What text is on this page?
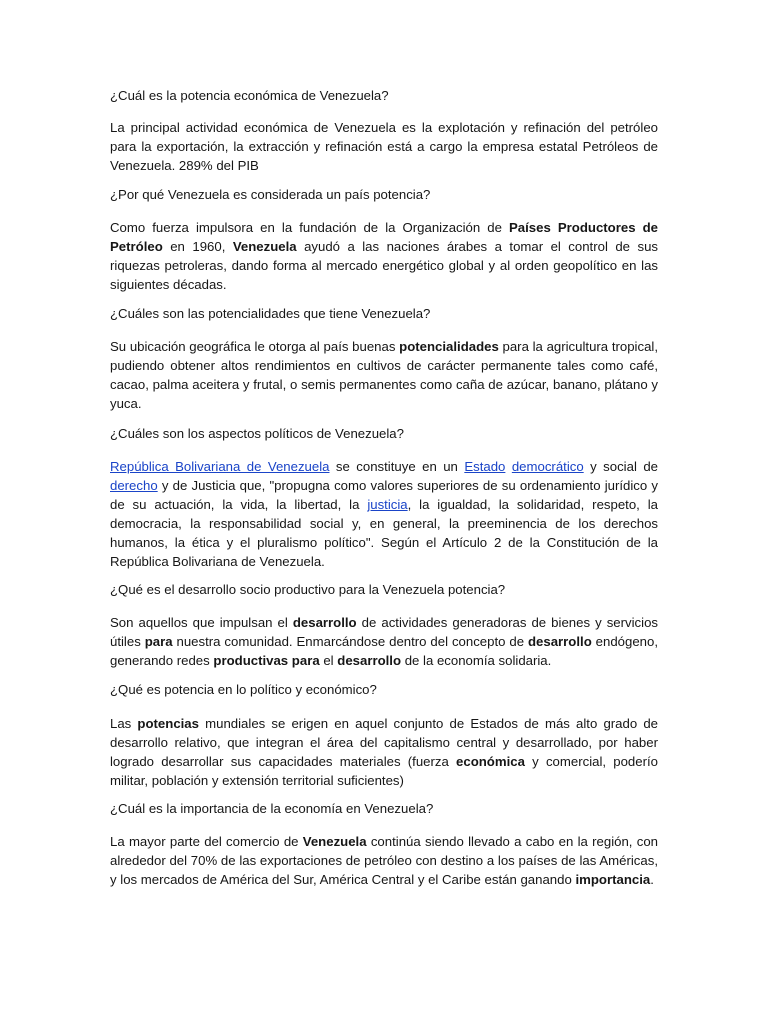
¿Cuál es la potencia económica de Venezuela?

La principal actividad económica de Venezuela es la explotación y refinación del petróleo para la exportación, la extracción y refinación está a cargo la empresa estatal Petróleos de Venezuela. 289% del PIB

¿Por qué Venezuela es considerada un país potencia?

Como fuerza impulsora en la fundación de la Organización de Países Productores de Petróleo en 1960, Venezuela ayudó a las naciones árabes a tomar el control de sus riquezas petroleras, dando forma al mercado energético global y al orden geopolítico en las siguientes décadas.

¿Cuáles son las potencialidades que tiene Venezuela?

Su ubicación geográfica le otorga al país buenas potencialidades para la agricultura tropical, pudiendo obtener altos rendimientos en cultivos de carácter permanente tales como café, cacao, palma aceitera y frutal, o semis permanentes como caña de azúcar, banano, plátano y yuca.

¿Cuáles son los aspectos políticos de Venezuela?

República Bolivariana de Venezuela se constituye en un Estado democrático y social de derecho y de Justicia que, "propugna como valores superiores de su ordenamiento jurídico y de su actuación, la vida, la libertad, la justicia, la igualdad, la solidaridad, respeto, la democracia, la responsabilidad social y, en general, la preeminencia de los derechos humanos, la ética y el pluralismo político". Según el Artículo 2 de la Constitución de la República Bolivariana de Venezuela.

¿Qué es el desarrollo socio productivo para la Venezuela potencia?

Son aquellos que impulsan el desarrollo de actividades generadoras de bienes y servicios útiles para nuestra comunidad. Enmarcándose dentro del concepto de desarrollo endógeno, generando redes productivas para el desarrollo de la economía solidaria.

¿Qué es potencia en lo político y económico?

Las potencias mundiales se erigen en aquel conjunto de Estados de más alto grado de desarrollo relativo, que integran el área del capitalismo central y desarrollado, por haber logrado desarrollar sus capacidades materiales (fuerza económica y comercial, poderío militar, población y extensión territorial suficientes)

¿Cuál es la importancia de la economía en Venezuela?

La mayor parte del comercio de Venezuela continúa siendo llevado a cabo en la región, con alrededor del 70% de las exportaciones de petróleo con destino a los países de las Américas, y los mercados de América del Sur, América Central y el Caribe están ganando importancia.
